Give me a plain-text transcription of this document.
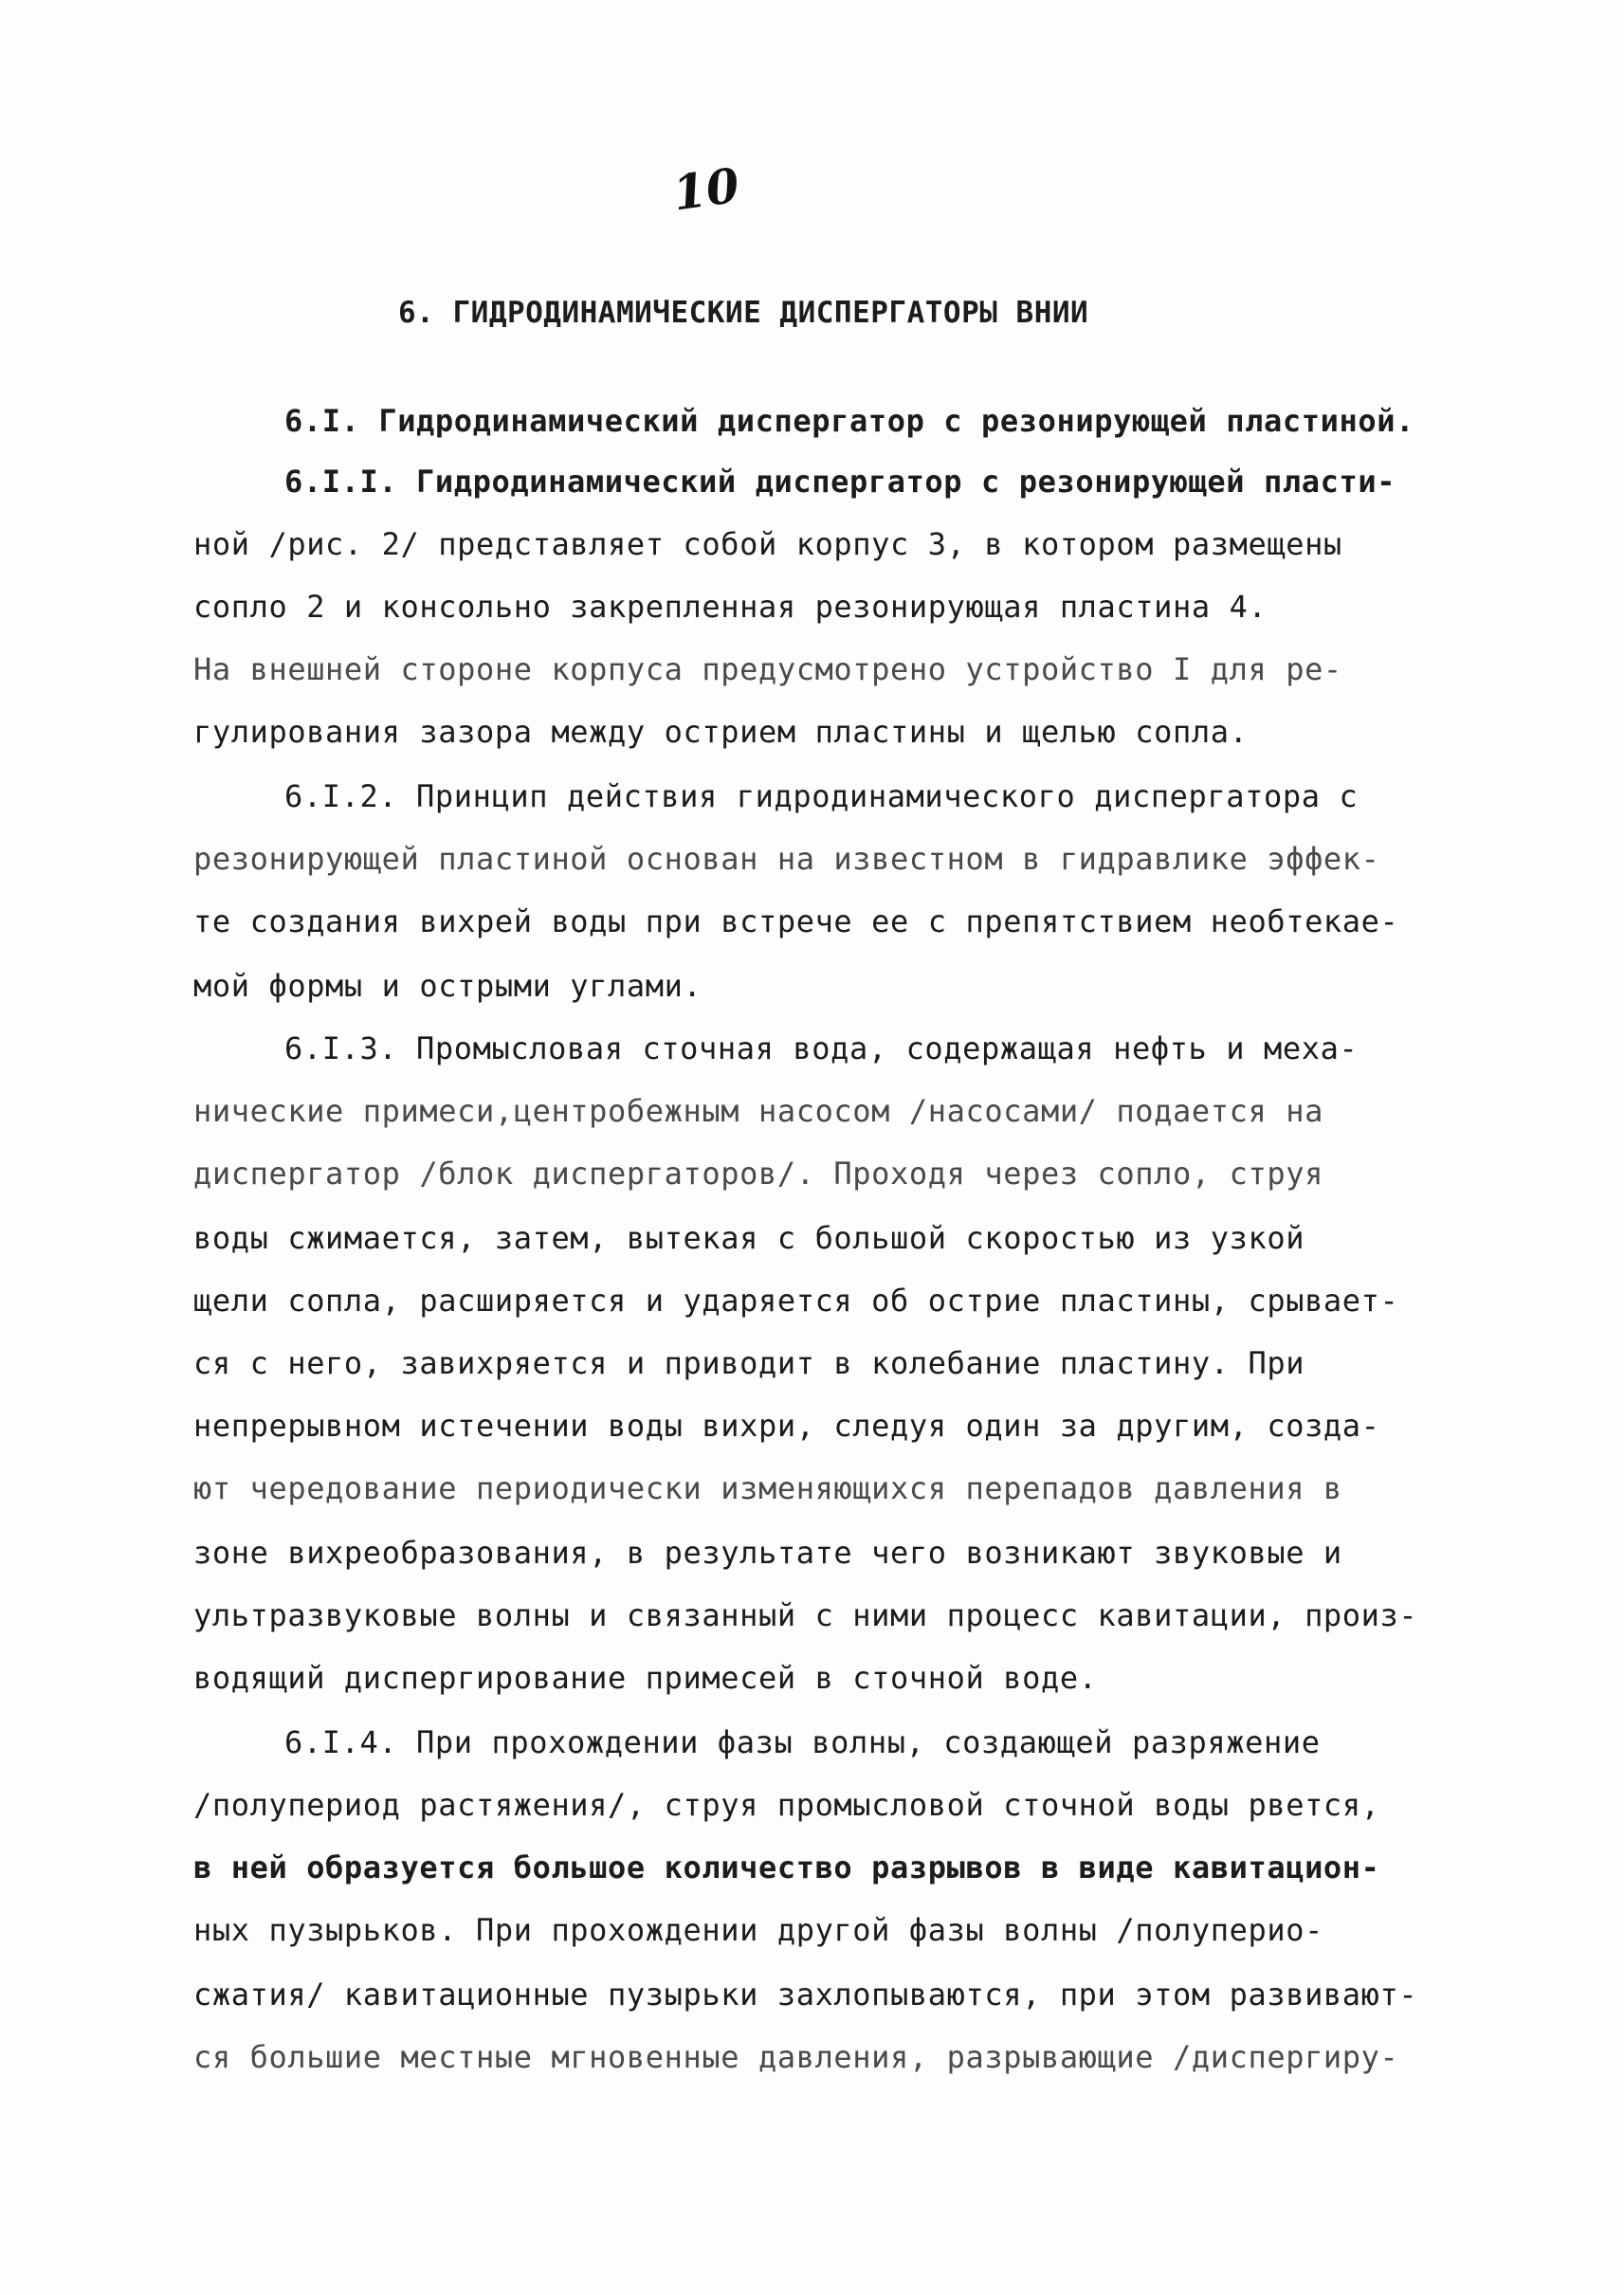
10
6. ГИДРОДИНАМИЧЕСКИЕ ДИСПЕРГАТОРЫ ВНИИ
6.I. Гидродинамический диспергатор с резонирующей пластиной.
6.I.I. Гидродинамический диспергатор с резонирующей пласти-
ной /рис. 2/ представляет собой корпус 3, в котором размещены
сопло 2 и консольно закрепленная резонирующая пластина 4.
На внешней стороне корпуса предусмотрено устройство I для ре-
гулирования зазора между острием пластины и щелью сопла.
6.I.2. Принцип действия гидродинамического диспергатора с
резонирующей пластиной основан на известном в гидравлике эффек-
те создания вихрей воды при встрече ее с препятствием необтекае-
мой формы и острыми углами.
6.I.3. Промысловая сточная вода, содержащая нефть и меха-
нические примеси,центробежным насосом /насосами/ подается на
диспергатор /блок диспергаторов/. Проходя через сопло, струя
воды сжимается, затем, вытекая с большой скоростью из узкой
щели сопла, расширяется и ударяется об острие пластины, срывает-
ся с него, завихряется и приводит в колебание пластину. При
непрерывном истечении воды вихри, следуя один за другим, созда-
ют чередование периодически изменяющихся перепадов давления в
зоне вихреобразования, в результате чего возникают звуковые и
ультразвуковые волны и связанный с ними процесс кавитации, произ-
водящий диспергирование примесей в сточной воде.
6.I.4. При прохождении фазы волны, создающей разряжение
/полупериод растяжения/, струя промысловой сточной воды рвется,
в ней образуется большое количество разрывов в виде кавитацион-
ных пузырьков. При прохождении другой фазы волны /полуперио-
сжатия/ кавитационные пузырьки захлопываются, при этом развивают-
ся большие местные мгновенные давления, разрывающие /диспергиру-
